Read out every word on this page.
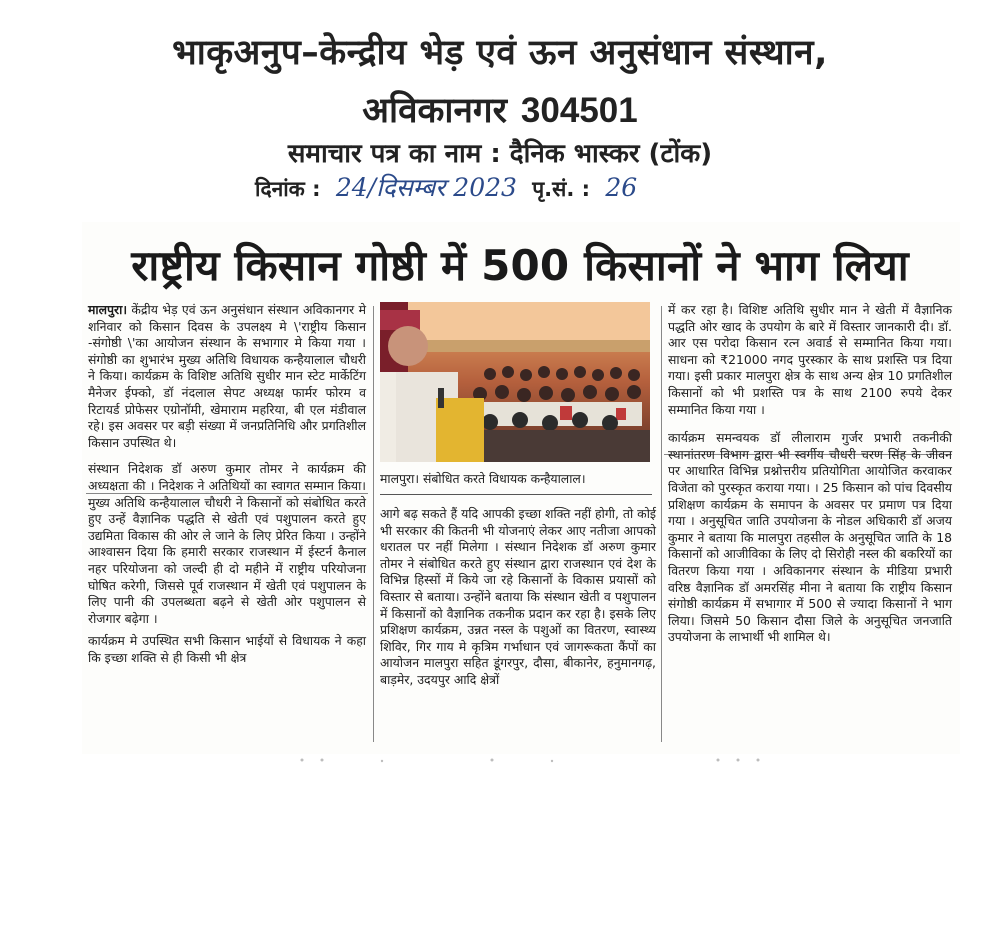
भाकृअनुप–केन्द्रीय भेड़ एवं ऊन अनुसंधान संस्थान,
अविकानगर 304501
समाचार पत्र का नाम : दैनिक भास्कर (टोंक)
दिनांक : 24/दिसम्बर 2023 पृ.सं. : 26
राष्ट्रीय किसान गोष्ठी में 500 किसानों ने भाग लिया

मालपुरा। केंद्रीय भेड़ एवं ऊन अनुसंधान संस्थान अविकानगर मे शनिवार को किसान दिवस के उपलक्ष्य मे \'राष्ट्रीय किसान -संगोष्ठी \'का आयोजन संस्थान के सभागार मे किया गया । संगोष्ठी का शुभारंभ मुख्य अतिथि विधायक कन्हैयालाल चौधरी ने किया। कार्यक्रम के विशिष्ट अतिथि सुधीर मान स्टेट मार्केटिंग मैनेजर ईफ्को, डॉ नंदलाल सेपट अध्यक्ष फार्मर फोरम व रिटायर्ड प्रोफेसर एग्रोनॉमी, खेमाराम महरिया, बी एल मंडीवाल रहे। इस अवसर पर बड़ी संख्या में जनप्रतिनिधि और प्रगतिशील किसान उपस्थित थे।

संस्थान निदेशक डॉ अरुण कुमार तोमर ने कार्यक्रम की अध्यक्षता की । निदेशक ने अतिथियों का स्वागत सम्मान किया। मुख्य अतिथि कन्हैयालाल चौधरी ने किसानों को संबोधित करते हुए उन्हें वैज्ञानिक पद्धति से खेती एवं पशुपालन करते हुए उद्यमिता विकास की ओर ले जाने के लिए प्रेरित किया । उन्होंने आश्वासन दिया कि हमारी सरकार राजस्थान में ईस्टर्न कैनाल नहर परियोजना को जल्दी ही दो महीने में राष्ट्रीय परियोजना घोषित करेगी, जिससे पूर्व राजस्थान में खेती एवं पशुपालन के लिए पानी की उपलब्धता बढ़ने से खेती ओर पशुपालन से रोजगार बढ़ेगा ।

कार्यक्रम मे उपस्थित सभी किसान भाईयों से विधायक ने कहा कि इच्छा शक्ति से ही किसी भी क्षेत्र

मालपुरा। संबोधित करते विधायक कन्हैयालाल।

आगे बढ़ सकते हैं यदि आपकी इच्छा शक्ति नहीं होगी, तो कोई भी सरकार की कितनी भी योजनाएं लेकर आए नतीजा आपको धरातल पर नहीं मिलेगा । संस्थान निदेशक डॉ अरुण कुमार तोमर ने संबोधित करते हुए संस्थान द्वारा राजस्थान एवं देश के विभिन्न हिस्सों में किये जा रहे किसानों के विकास प्रयासों को विस्तार से बताया। उन्होंने बताया कि संस्थान खेती व पशुपालन में किसानों को वैज्ञानिक तकनीक प्रदान कर रहा है। इसके लिए प्रशिक्षण कार्यक्रम, उन्नत नस्ल के पशुओं का वितरण, स्वास्थ्य शिविर, गिर गाय मे कृत्रिम गर्भाधान एवं जागरूकता कैंपों का आयोजन मालपुरा सहित डूंगरपुर, दौसा, बीकानेर, हनुमानगढ़, बाड़मेर, उदयपुर आदि क्षेत्रों

में कर रहा है। विशिष्ट अतिथि सुधीर मान ने खेती में वैज्ञानिक पद्धति ओर खाद के उपयोग के बारे में विस्तार जानकारी दी। डॉ. आर एस परोदा किसान रत्न अवार्ड से सम्मानित किया गया। साधना को ₹21000 नगद पुरस्कार के साथ प्रशस्ति पत्र दिया गया। इसी प्रकार मालपुरा क्षेत्र के साथ अन्य क्षेत्र 10 प्रगतिशील किसानों को भी प्रशस्ति पत्र के साथ 2100 रुपये देकर सम्मानित किया गया ।

कार्यक्रम समन्वयक डॉ लीलाराम गुर्जर प्रभारी तकनीकी स्थानांतरण विभाग द्वारा भी स्वर्गीय चौधरी चरण सिंह के जीवन पर आधारित विभिन्न प्रश्नोत्तरीय प्रतियोगिता आयोजित करवाकर विजेता को पुरस्कृत कराया गया। । 25 किसान को पांच दिवसीय प्रशिक्षण कार्यक्रम के समापन के अवसर पर प्रमाण पत्र दिया गया । अनुसूचित जाति उपयोजना के नोडल अधिकारी डॉ अजय कुमार ने बताया कि मालपुरा तहसील के अनुसूचित जाति के 18 किसानों को आजीविका के लिए दो सिरोही नस्ल की बकरियों का वितरण किया गया । अविकानगर संस्थान के मीडिया प्रभारी वरिष्ठ वैज्ञानिक डॉ अमरसिंह मीना ने बताया कि राष्ट्रीय किसान संगोष्ठी कार्यक्रम में सभागार में 500 से ज्यादा किसानों ने भाग लिया। जिसमे 50 किसान दौसा जिले के अनुसूचित जनजाति उपयोजना के लाभार्थी भी शामिल थे।
